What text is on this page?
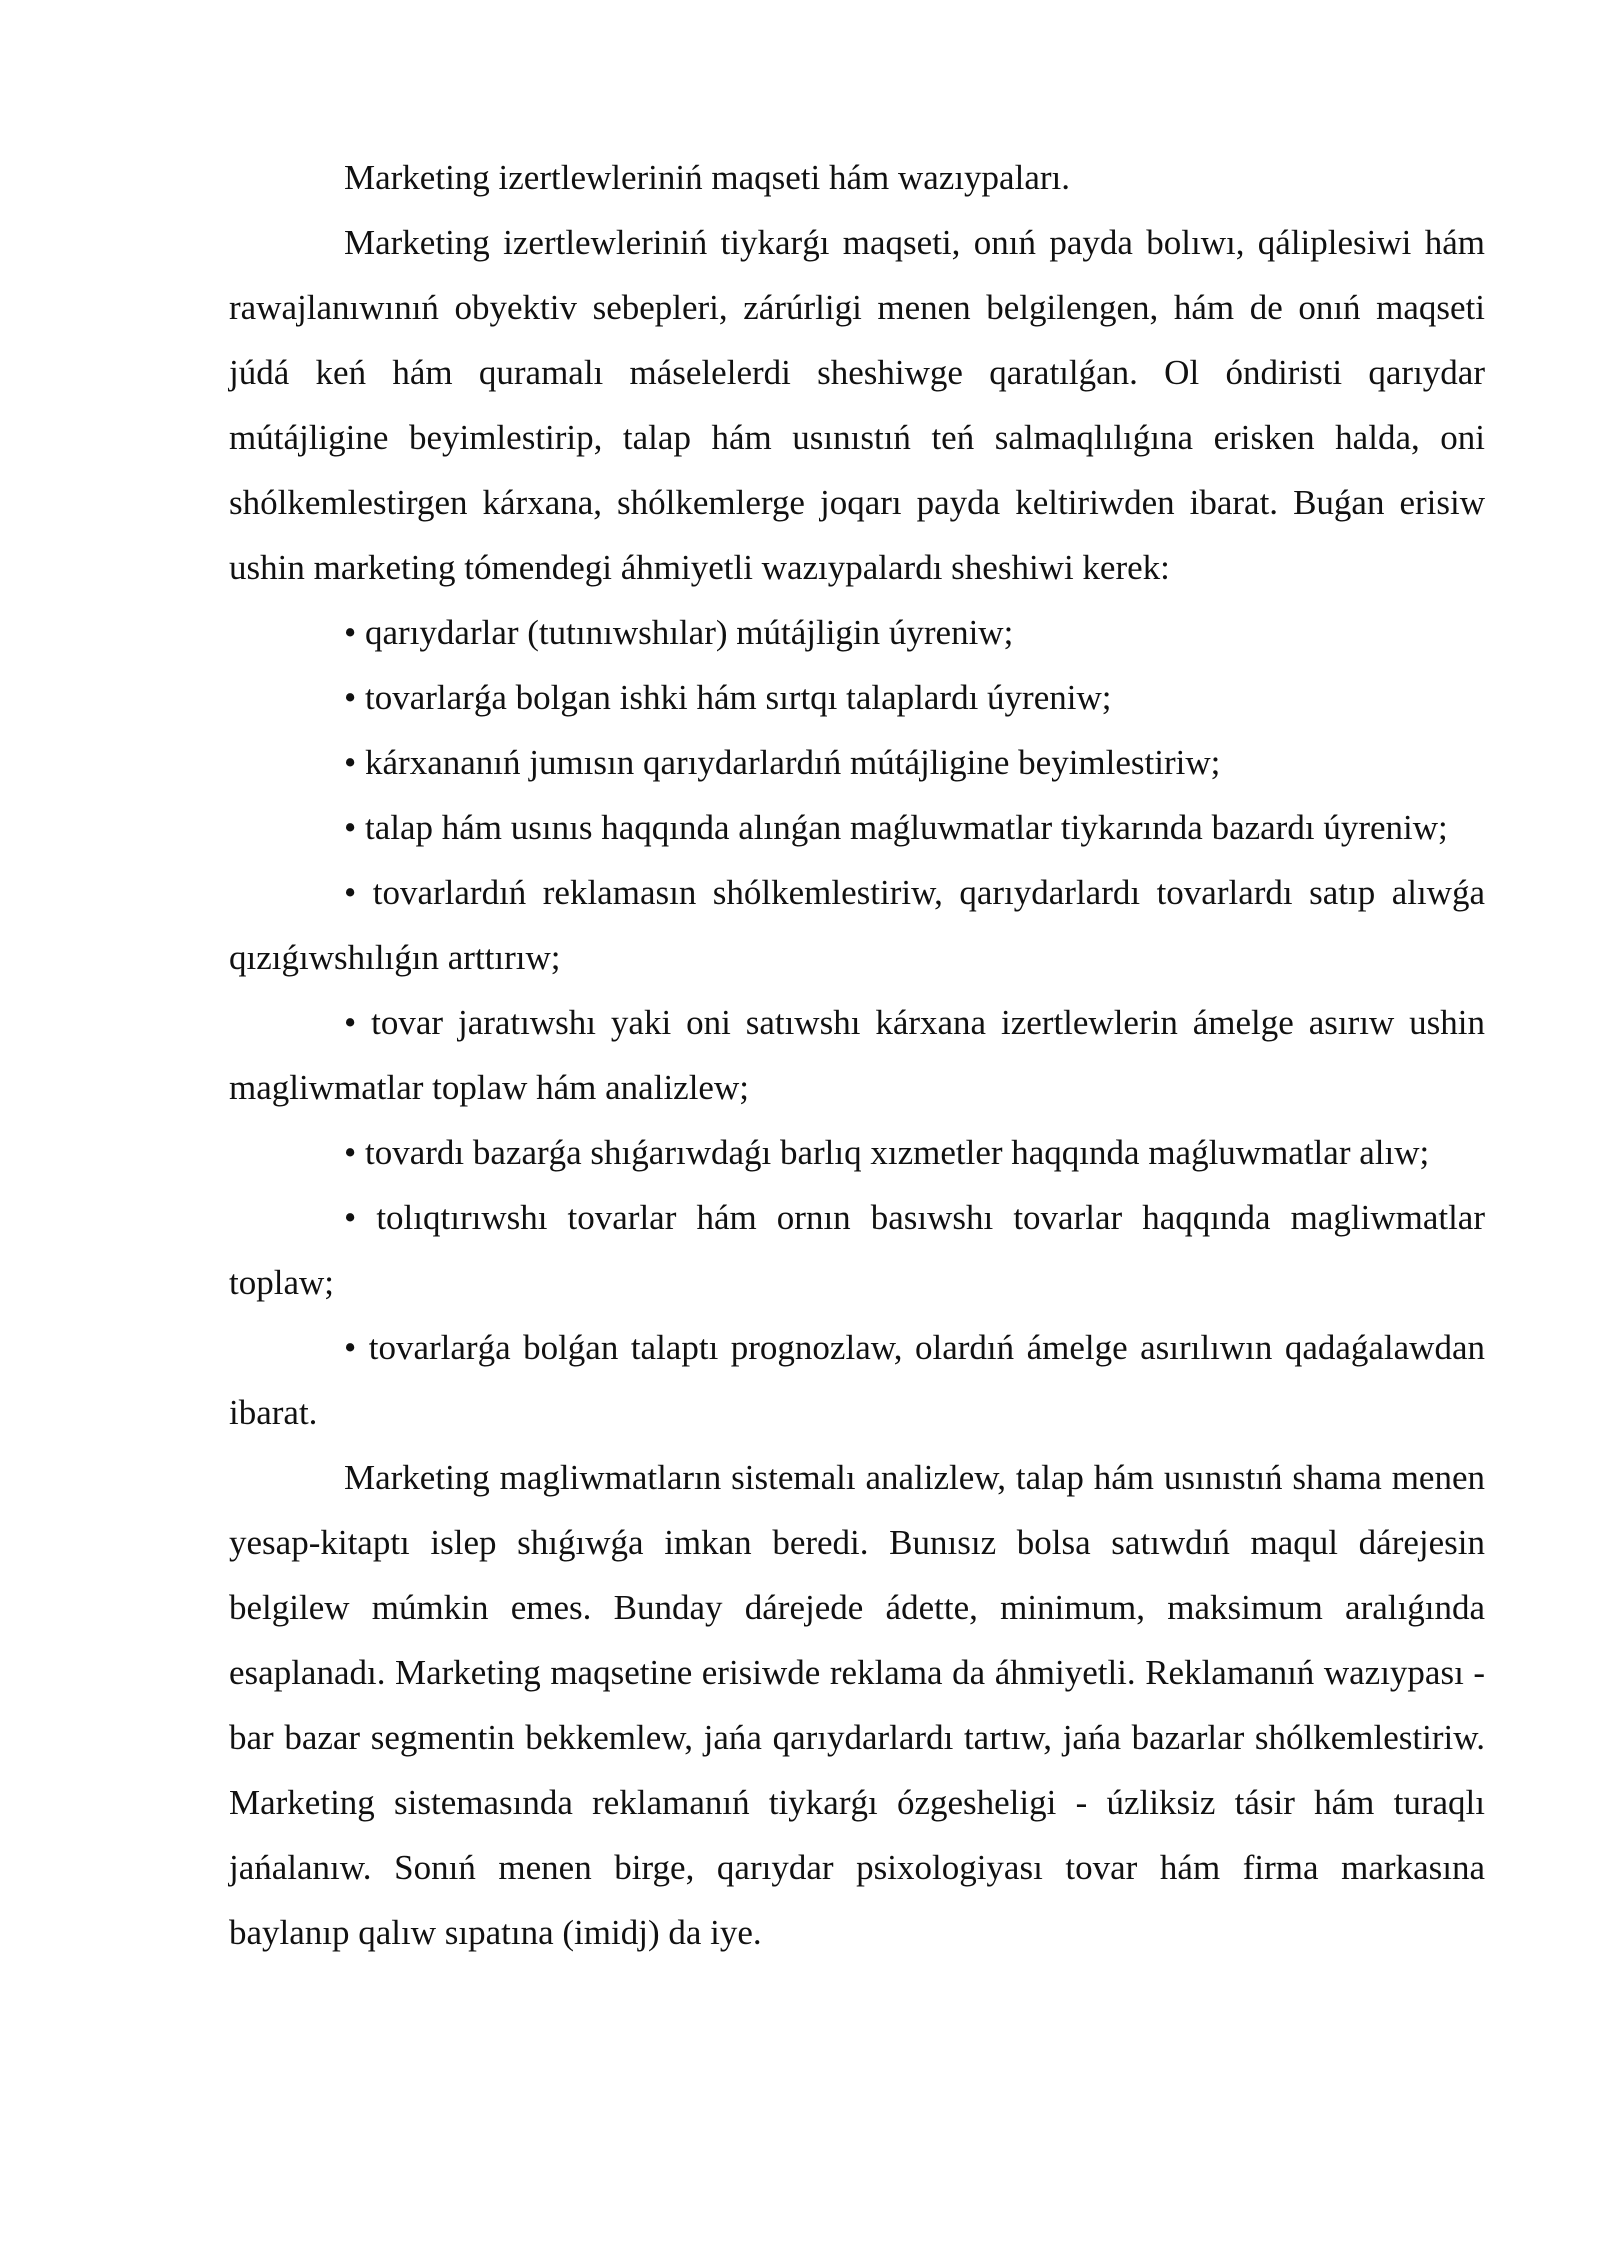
Marketing izertlewleriniń maqseti hám wazıypaları.

Marketing izertlewleriniń tiykarǵı maqseti, onıń payda bolıwı, qáliplesiwi hám rawajlanıwınıń obyektiv sebepleri, zárúrligi menen belgilengen, hám de onıń maqseti júdá keń hám quramalı máselelerdi sheshiwge qaratılǵan. Ol óndiristi qarıydar mútájligine beyimlestirip, talap hám usınıstıń teń salmaqlılıǵına erisken halda, oni shólkemlestirgen kárxana, shólkemlerge joqarı payda keltiriwden ibarat. Buǵan erisiw ushin marketing tómendegi áhmiyetli wazıypalardı sheshiwi kerek:

• qarıydarlar (tutınıwshılar) mútájligin úyreniw;

• tovarlarǵa bolgan ishki hám sırtqı talaplardı úyreniw;

• kárxananıń jumısın qarıydarlardıń mútájligine beyimlestiriw;

• talap hám usınıs haqqında alınǵan maǵluwmatlar tiykarında bazardı úyreniw;

• tovarlardıń reklamasın shólkemlestiriw, qarıydarlardı tovarlardı satıp alıwǵa qızıǵıwshılıǵın arttırıw;

• tovar jaratıwshı yaki oni satıwshı kárxana izertlewlerin ámelge asırıw ushin magliwmatlar toplaw hám analizlew;

• tovardı bazarǵa shıǵarıwdaǵı barlıq xızmetler haqqında maǵluwmatlar alıw;

• tolıqtırıwshı tovarlar hám ornın basıwshı tovarlar haqqında magliwmatlar toplaw;

• tovarlarǵa bolǵan talaptı prognozlaw, olardıń ámelge asırılıwın qadaǵalawdan ibarat.

Marketing magliwmatların sistemalı analizlew, talap hám usınıstıń shama menen yesap-kitaptı islep shıǵıwǵa imkan beredi. Bunısız bolsa satıwdıń maqul dárejesin belgilew múmkin emes. Bunday dárejede ádette, minimum, maksimum aralıǵında esaplanadı. Marketing maqsetine erisiwde reklama da áhmiyetli. Reklamanıń wazıypası - bar bazar segmentin bekkemlew, jańa qarıydarlardı tartıw, jańa bazarlar shólkemlestiriw. Marketing sistemasında reklamanıń tiykarǵı ózgesheligi - úzliksiz tásir hám turaqlı jańalanıw. Sonıń menen birge, qarıydar psixologiyası tovar hám firma markasına baylanıp qalıw sıpatına (imidj) da iye.
